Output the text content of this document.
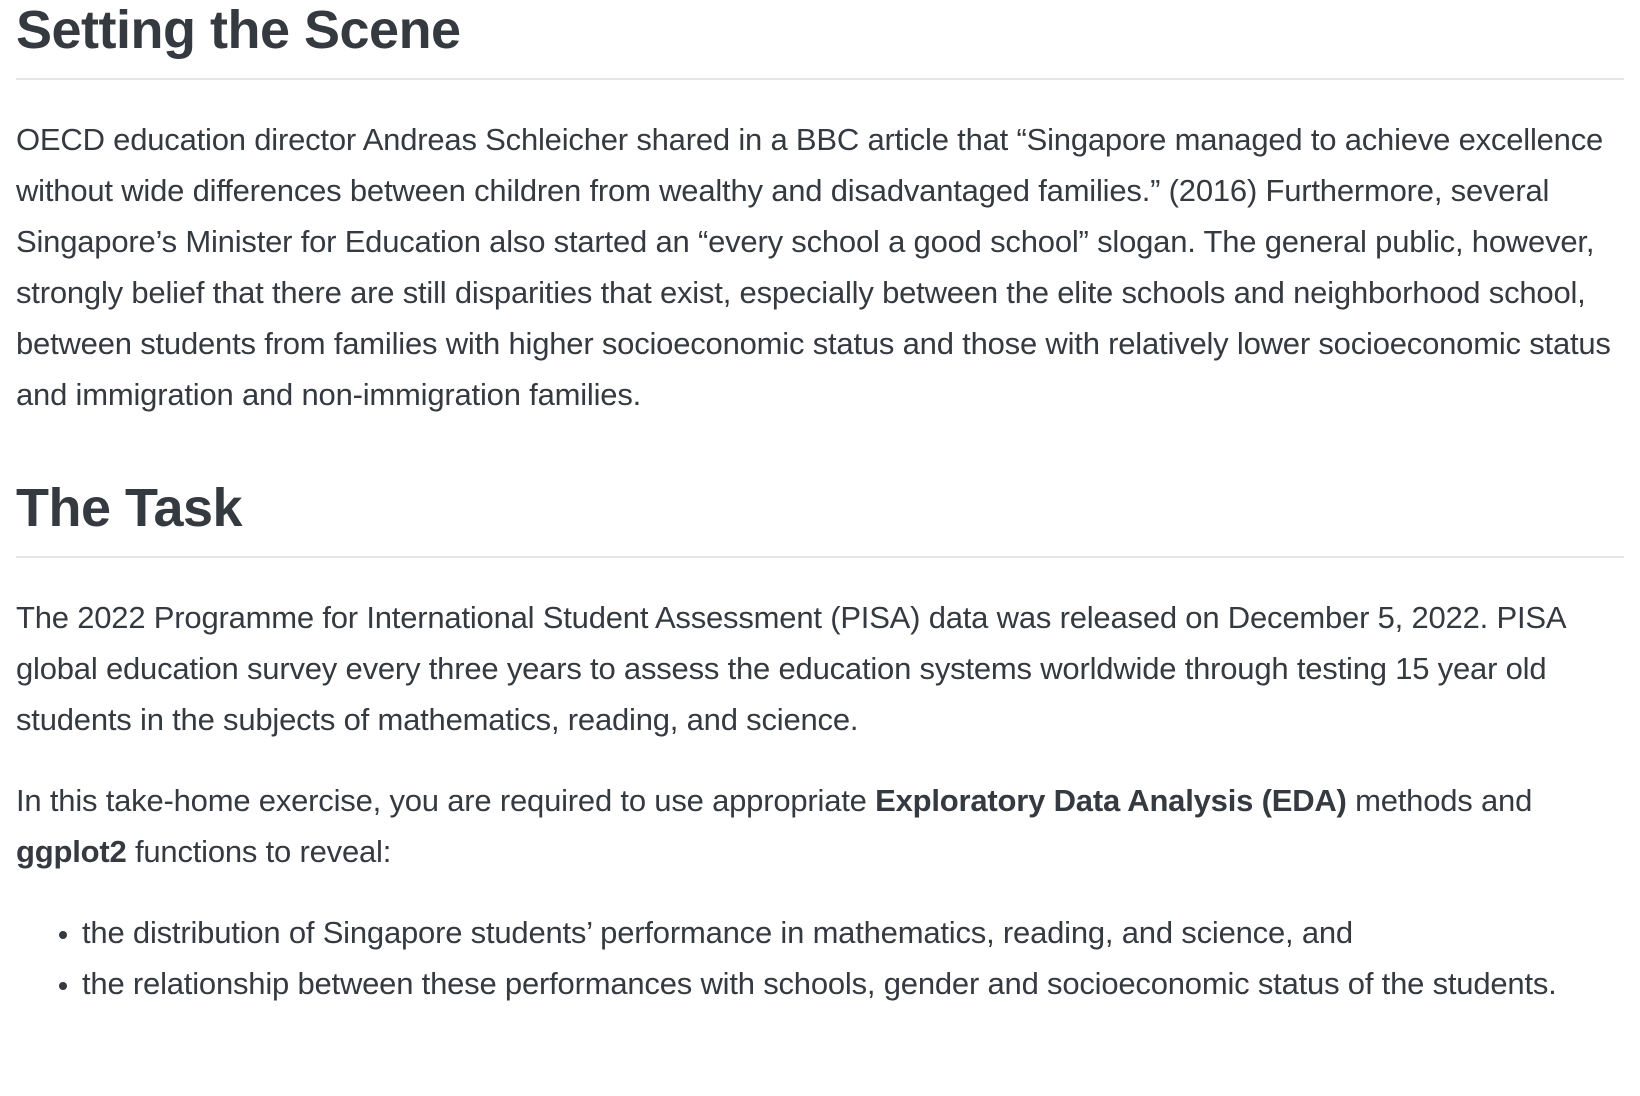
Setting the Scene

OECD education director Andreas Schleicher shared in a BBC article that “Singapore managed to achieve excellence without wide differences between children from wealthy and disadvantaged families.” (2016) Furthermore, several Singapore’s Minister for Education also started an “every school a good school” slogan. The general public, however, strongly belief that there are still disparities that exist, especially between the elite schools and neighborhood school, between students from families with higher socioeconomic status and those with relatively lower socioeconomic status and immigration and non-immigration families.

The Task

The 2022 Programme for International Student Assessment (PISA) data was released on December 5, 2022. PISA global education survey every three years to assess the education systems worldwide through testing 15 year old students in the subjects of mathematics, reading, and science.

In this take-home exercise, you are required to use appropriate Exploratory Data Analysis (EDA) methods and ggplot2 functions to reveal:

• the distribution of Singapore students’ performance in mathematics, reading, and science, and
• the relationship between these performances with schools, gender and socioeconomic status of the students.
